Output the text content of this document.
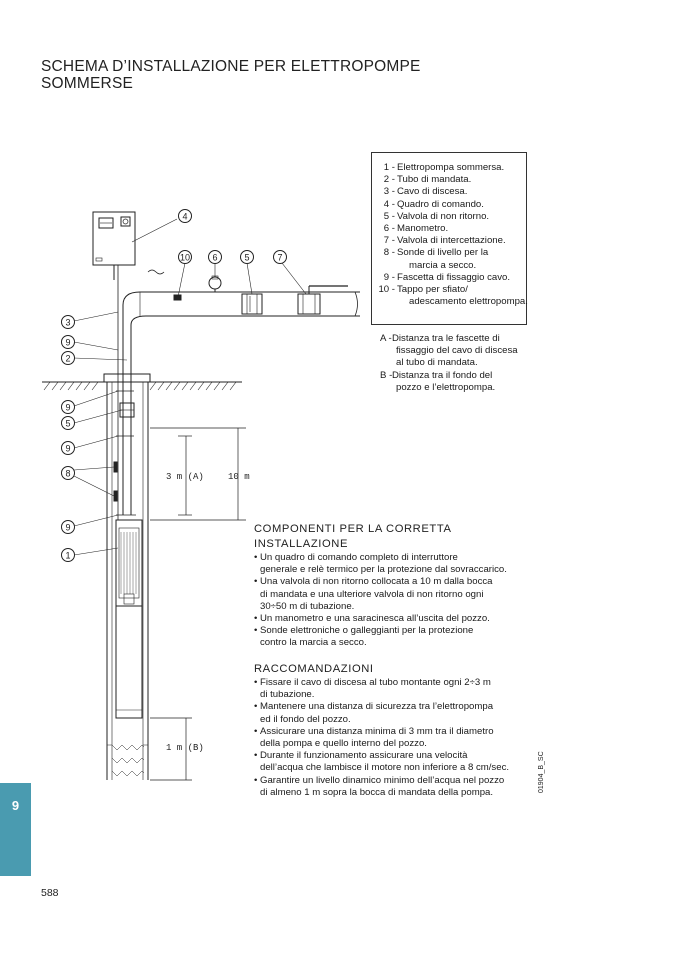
SCHEMA D’INSTALLAZIONE PER ELETTROPOMPE
SOMMERSE
4
10 6	5	7
3
9
2
9
5
9
8
9
1
3 m (A)	10 m
1 m (B)
1 - Elettropompa sommersa.
2 - Tubo di mandata.
3 - Cavo di discesa.
4 - Quadro di comando.
5 - Valvola di non ritorno.
6 - Manometro.
7 - Valvola di intercettazione.
8 - Sonde di livello per la
marcia a secco.
9 - Fascetta di fissaggio cavo.
10 - Tappo per sfiato/
adescamento elettropompa.
A - Distanza tra le fascette di
fissaggio del cavo di discesa
al tubo di mandata.
B - Distanza tra il fondo del
pozzo e l’elettropompa.
COMPONENTI PER LA CORRETTA
INSTALLAZIONE
• Un quadro di comando completo di interruttore
generale e relè termico per la protezione dal sovraccarico.
• Una valvola di non ritorno collocata a 10 m dalla bocca
di mandata e una ulteriore valvola di non ritorno ogni
30÷50 m di tubazione.
• Un manometro e una saracinesca all’uscita del pozzo.
• Sonde elettroniche o galleggianti per la protezione
contro la marcia a secco.
RACCOMANDAZIONI
• Fissare il cavo di discesa al tubo montante ogni 2÷3 m
di tubazione.
• Mantenere una distanza di sicurezza tra l’elettropompa
ed il fondo del pozzo.
• Assicurare una distanza minima di 3 mm tra il diametro
della pompa e quello interno del pozzo.
• Durante il funzionamento assicurare una velocità
dell’acqua che lambisce il motore non inferiore a 8 cm/sec.
• Garantire un livello dinamico minimo dell’acqua nel pozzo
di almeno 1 m sopra la bocca di mandata della pompa.	01904_B_SC
9
588
